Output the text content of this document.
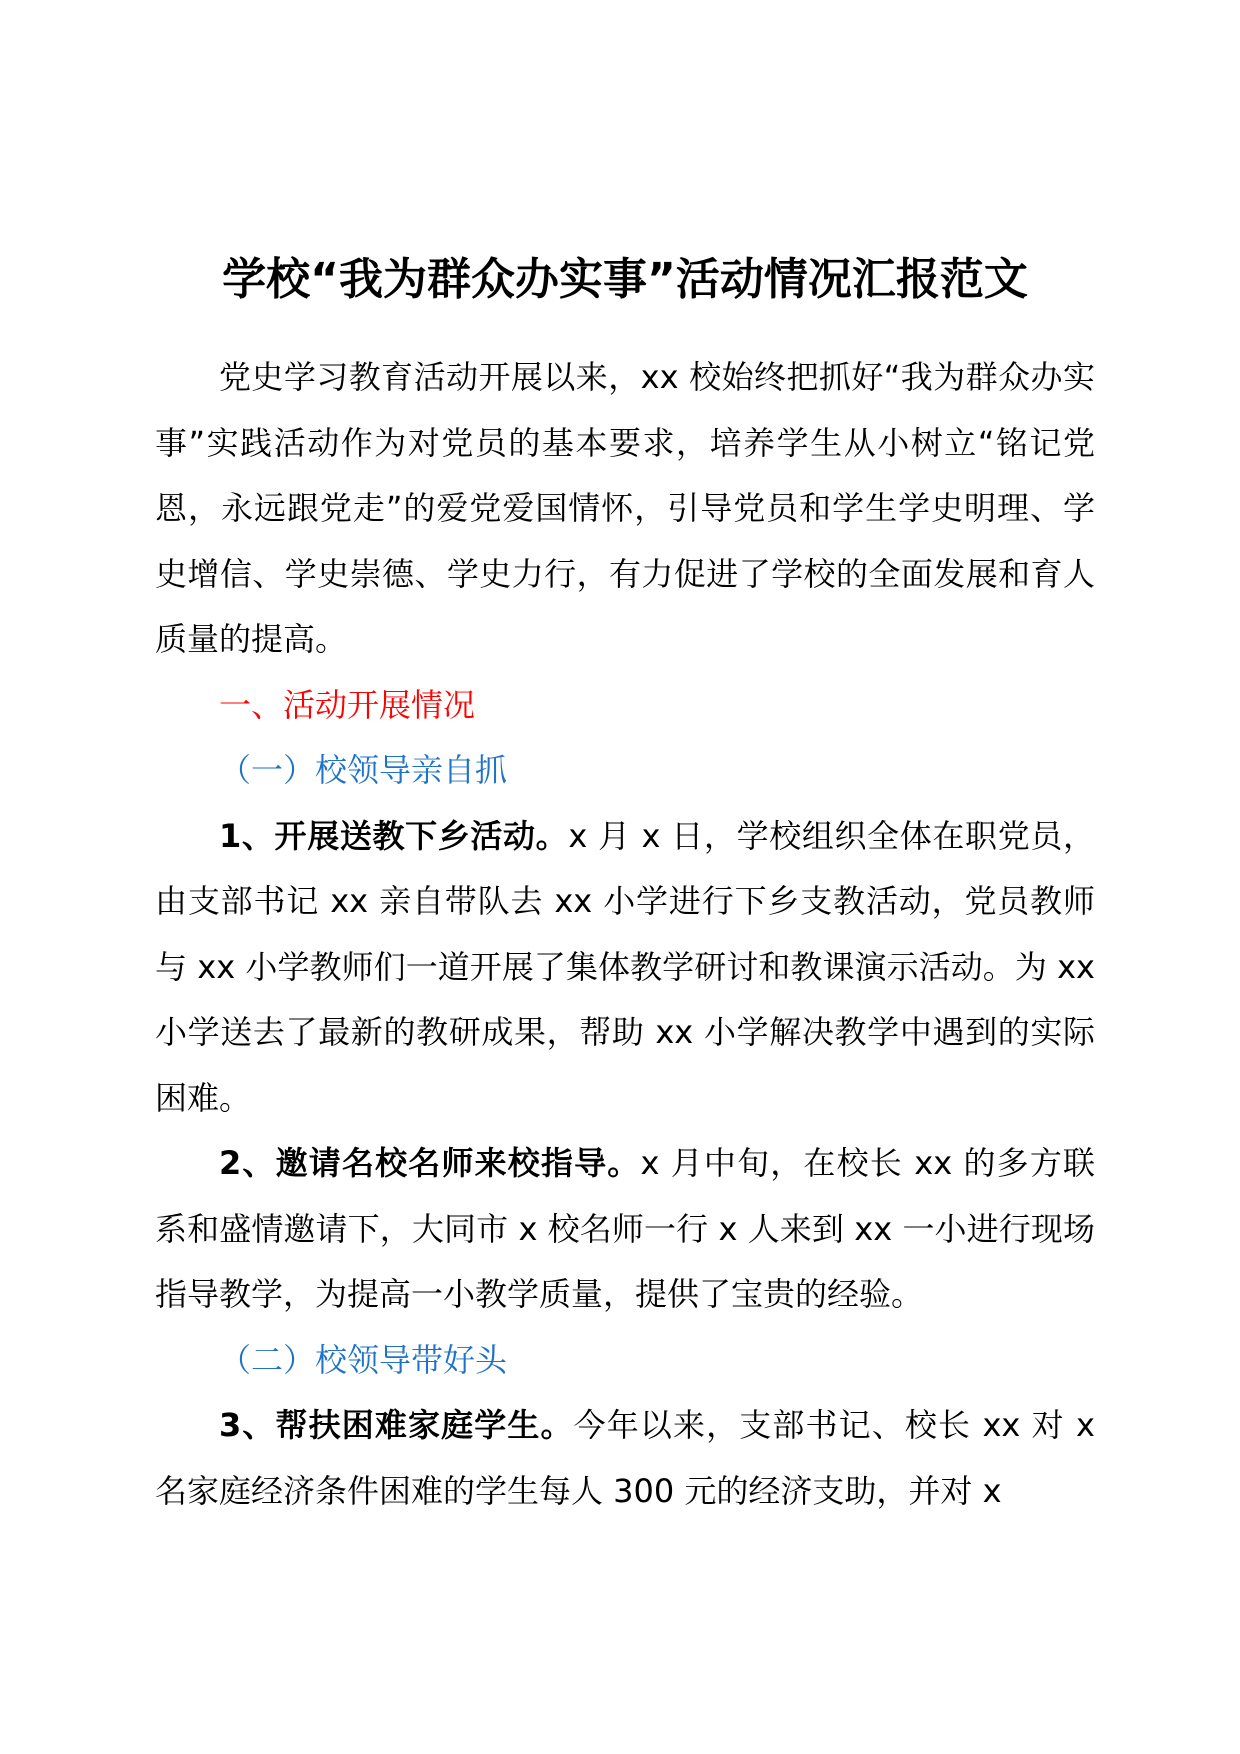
学校“我为群众办实事”活动情况汇报范文

党史学习教育活动开展以来，xx 校始终把抓好“我为群众办实事”实践活动作为对党员的基本要求，培养学生从小树立“铭记党恩，永远跟党走”的爱党爱国情怀，引导党员和学生学史明理、学史增信、学史崇德、学史力行，有力促进了学校的全面发展和育人质量的提高。

一、活动开展情况

（一）校领导亲自抓

1、开展送教下乡活动。x 月 x 日，学校组织全体在职党员，由支部书记 xx 亲自带队去 xx 小学进行下乡支教活动，党员教师与 xx 小学教师们一道开展了集体教学研讨和教课演示活动。为 xx 小学送去了最新的教研成果，帮助 xx 小学解决教学中遇到的实际困难。

2、邀请名校名师来校指导。x 月中旬，在校长 xx 的多方联系和盛情邀请下，大同市 x 校名师一行 x 人来到 xx 一小进行现场指导教学，为提高一小教学质量，提供了宝贵的经验。

（二）校领导带好头

3、帮扶困难家庭学生。今年以来，支部书记、校长 xx 对 x 名家庭经济条件困难的学生每人 300 元的经济支助，并对 x
